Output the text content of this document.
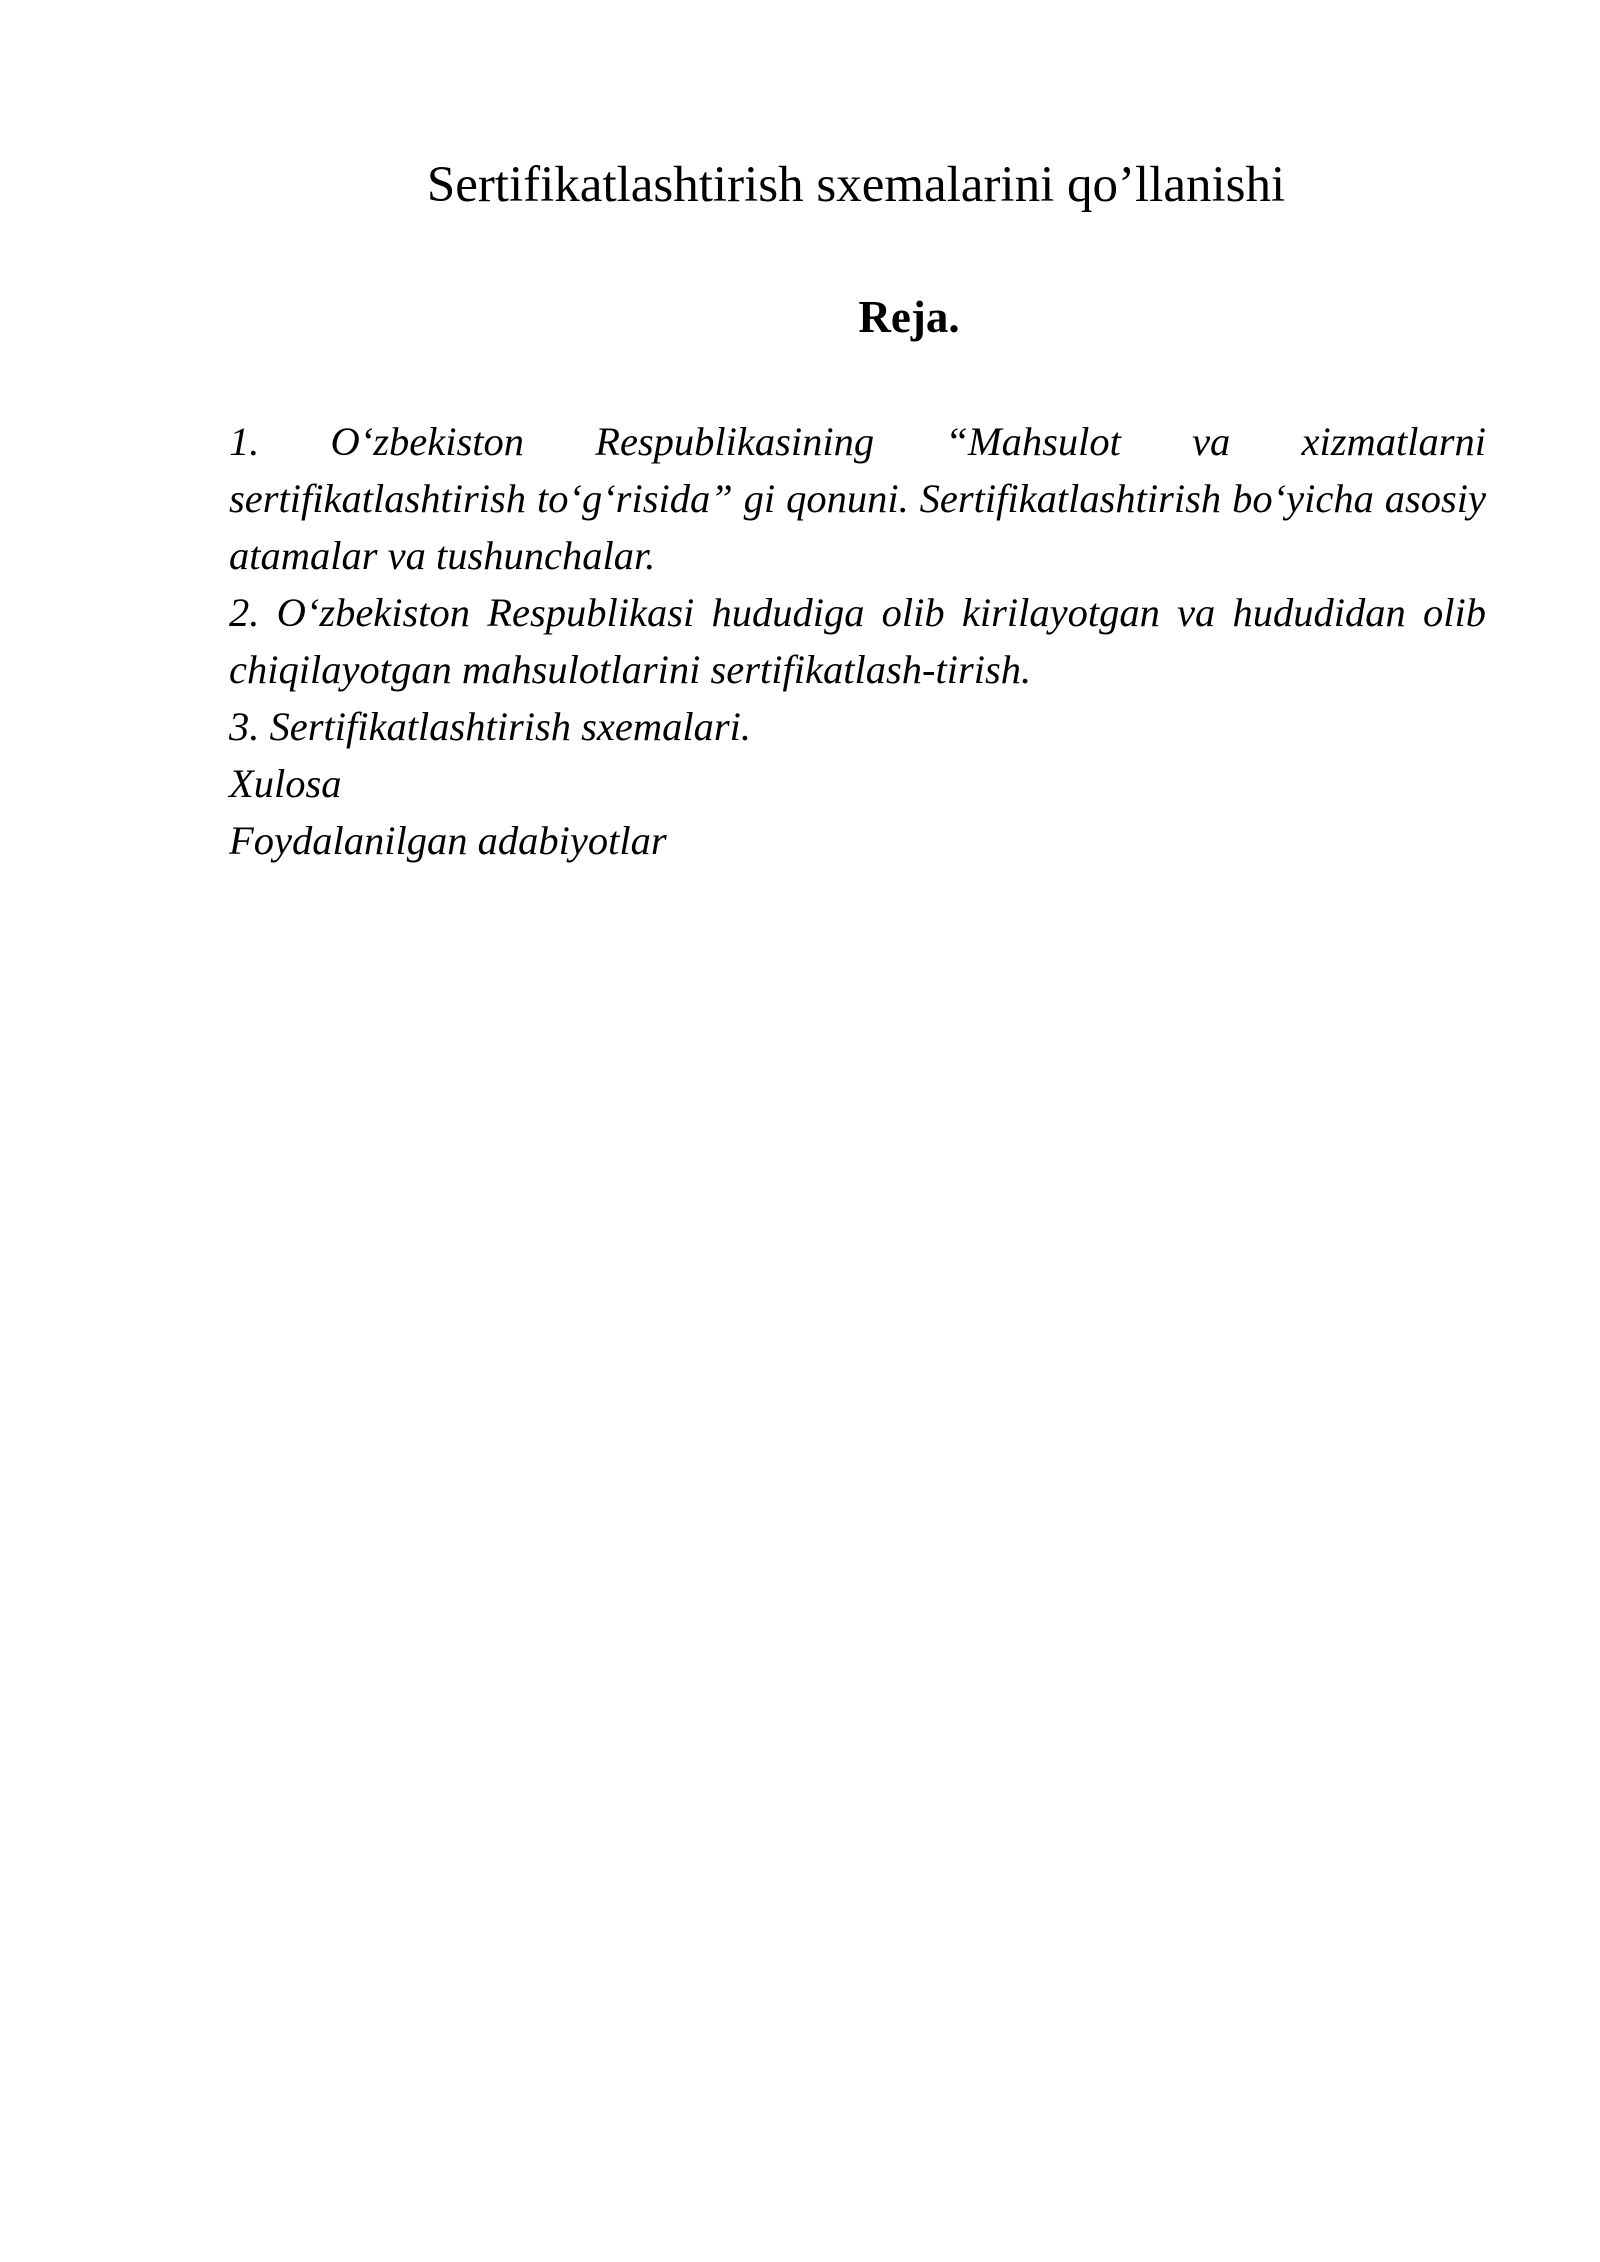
Sertifikatlashtirish sxemalarini qo’llanishi
Reja.
1. O‘zbekiston Respublikasining “Mahsulot va xizmatlarni sertifikatlashtirish to‘g‘risida” gi qonuni. Sertifikatlashtirish bo‘yicha asosiy atamalar va tushunchalar.
2. O‘zbekiston Respublikasi hududiga olib kirilayotgan va hududidan olib chiqilayotgan mahsulotlarini sertifikatlash-tirish.
3. Sertifikatlashtirish sxemalari.
Xulosa
Foydalanilgan adabiyotlar
